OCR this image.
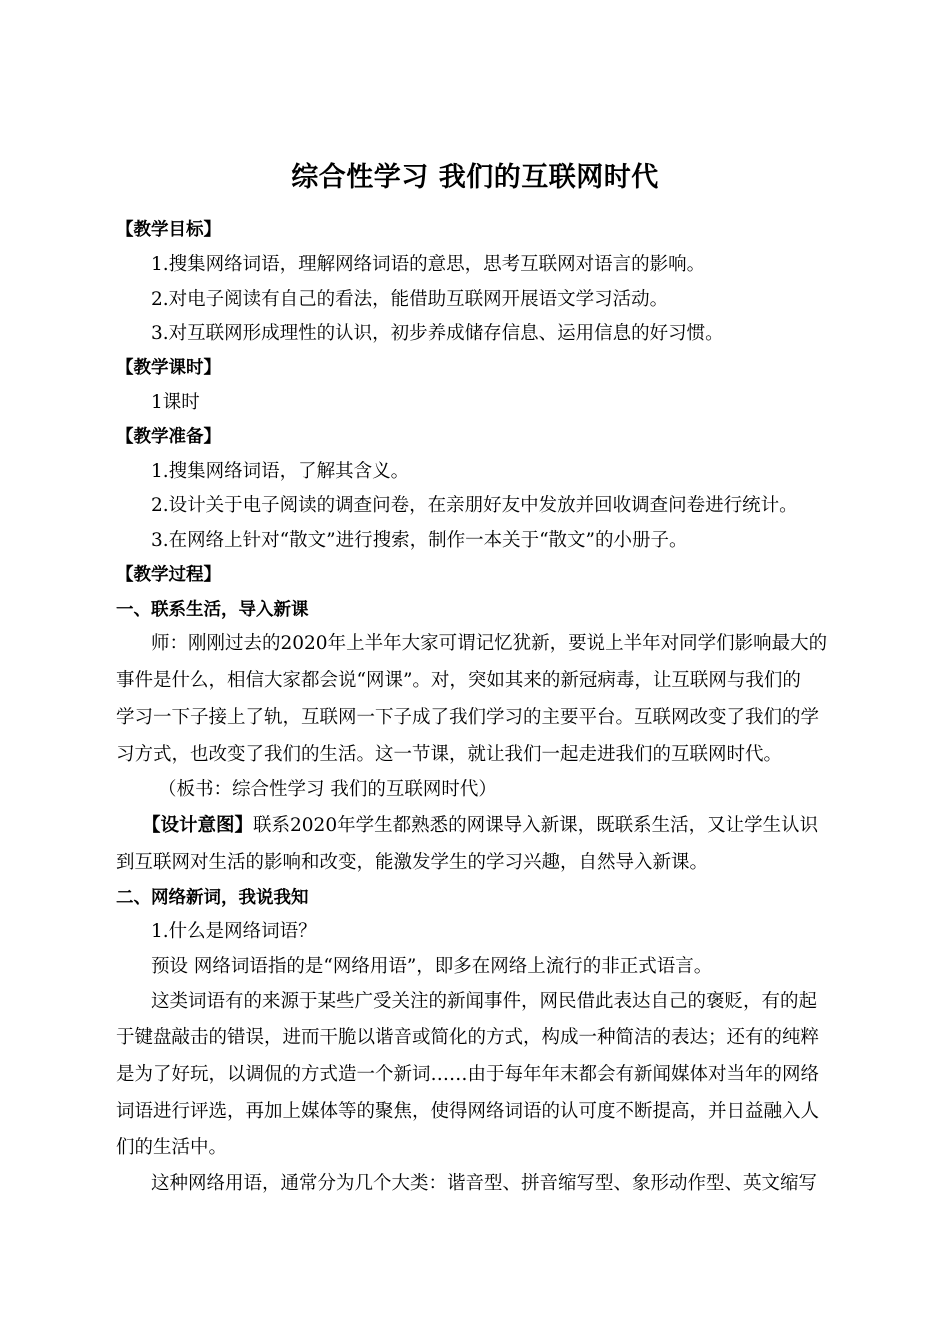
综合性学习 我们的互联网时代
【教学目标】
1.搜集网络词语，理解网络词语的意思，思考互联网对语言的影响。
2.对电子阅读有自己的看法，能借助互联网开展语文学习活动。
3.对互联网形成理性的认识，初步养成储存信息、运用信息的好习惯。
【教学课时】
1课时
【教学准备】
1.搜集网络词语，了解其含义。
2.设计关于电子阅读的调查问卷，在亲朋好友中发放并回收调查问卷进行统计。
3.在网络上针对“散文”进行搜索，制作一本关于“散文”的小册子。
【教学过程】
一、联系生活，导入新课
师：刚刚过去的2020年上半年大家可谓记忆犹新，要说上半年对同学们影响最大的
事件是什么，相信大家都会说“网课”。对，突如其来的新冠病毒，让互联网与我们的
学习一下子接上了轨，互联网一下子成了我们学习的主要平台。互联网改变了我们的学
习方式，也改变了我们的生活。这一节课，就让我们一起走进我们的互联网时代。
（板书：综合性学习 我们的互联网时代）
【设计意图】联系2020年学生都熟悉的网课导入新课，既联系生活，又让学生认识
到互联网对生活的影响和改变，能激发学生的学习兴趣，自然导入新课。
二、网络新词，我说我知
1.什么是网络词语？
预设 网络词语指的是“网络用语”，即多在网络上流行的非正式语言。
这类词语有的来源于某些广受关注的新闻事件，网民借此表达自己的褒贬，有的起
于键盘敲击的错误，进而干脆以谐音或简化的方式，构成一种简洁的表达；还有的纯粹
是为了好玩，以调侃的方式造一个新词……由于每年年末都会有新闻媒体对当年的网络
词语进行评选，再加上媒体等的聚焦，使得网络词语的认可度不断提高，并日益融入人
们的生活中。
这种网络用语，通常分为几个大类：谐音型、拼音缩写型、象形动作型、英文缩写
